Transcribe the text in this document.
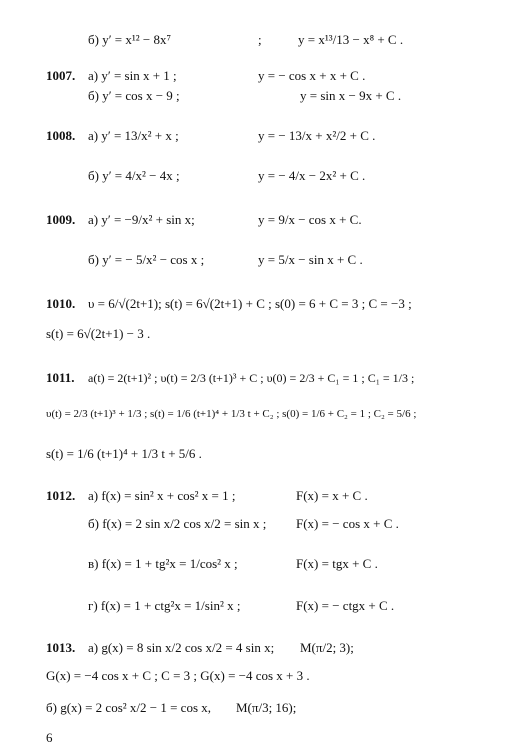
б) y′ = x¹² − 8x⁷	;	y = x¹³/13 − x⁸ + C .
1007. а) y′ = sin x + 1 ;	y = − cos x + x + C .
б) y′ = cos x − 9 ;	y = sin x − 9x + C .
1008. а) y′ = 13/x² + x ;	y = − 13/x + x²/2 + C .
б) y′ = 4/x² − 4x ;	y = − 4/x − 2x² + C .
1009. а) y′ = −9/x² + sin x;	y = 9/x − cos x + C.
б) y′ = − 5/x² − cos x ;	y = 5/x − sin x + C .
1010. υ = 6/√(2t+1); s(t) = 6√(2t+1) + C ; s(0) = 6 + C = 3 ; C = −3 ;
s(t) = 6√(2t+1) − 3 .
1011. a(t) = 2(t+1)² ; υ(t) = 2/3 (t+1)³ + C ; υ(0) = 2/3 + C₁ = 1 ; C₁ = 1/3 ;
υ(t) = 2/3 (t+1)³ + 1/3 ; s(t) = 1/6 (t+1)⁴ + 1/3 t + C₂ ; s(0) = 1/6 + C₂ = 1 ; C₂ = 5/6 ;
s(t) = 1/6 (t+1)⁴ + 1/3 t + 5/6 .
1012. а) f(x) = sin² x + cos² x = 1 ;	F(x) = x + C .
б) f(x) = 2 sin x/2 cos x/2 = sin x ; F(x) = − cos x + C .
в) f(x) = 1 + tg²x = 1/cos² x ;	F(x) = tgx + C .
г) f(x) = 1 + ctg²x = 1/sin² x ;	F(x) = − ctgx + C .
1013. а) g(x) = 8 sin x/2 cos x/2 = 4 sin x; M(π/2; 3);
G(x) = −4 cos x + C ; C = 3 ; G(x) = −4 cos x + 3 .
б) g(x) = 2 cos² x/2 − 1 = cos x, M(π/3; 16);
6
